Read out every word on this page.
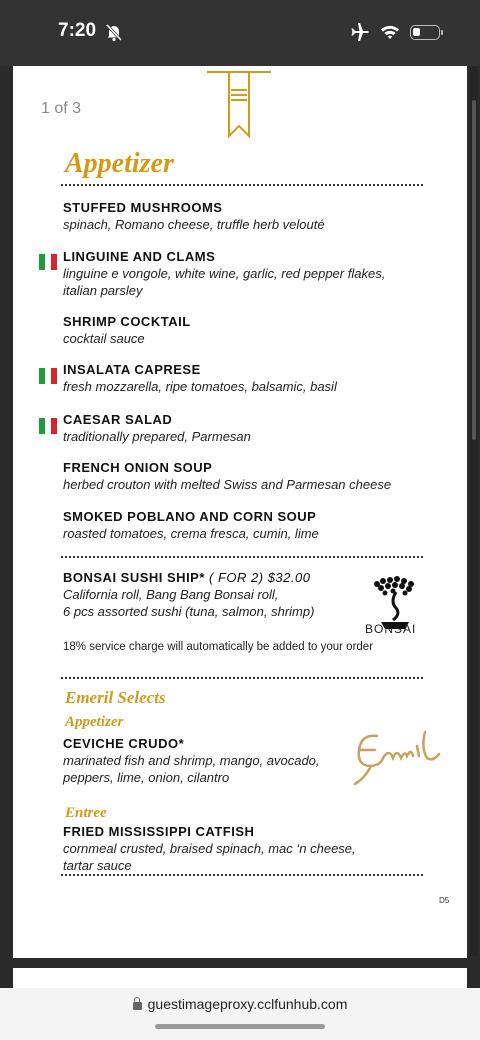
7:20
1 of 3
Appetizer
STUFFED MUSHROOMS
spinach, Romano cheese, truffle herb velouté
LINGUINE AND CLAMS
linguine e vongole, white wine, garlic, red pepper flakes,
italian parsley
SHRIMP COCKTAIL
cocktail sauce
INSALATA CAPRESE
fresh mozzarella, ripe tomatoes, balsamic, basil
CAESAR SALAD
traditionally prepared, Parmesan
FRENCH ONION SOUP
herbed crouton with melted Swiss and Parmesan cheese
SMOKED POBLANO AND CORN SOUP
roasted tomatoes, crema fresca, cumin, lime
BONSAI SUSHI SHIP* ( FOR 2) $32.00
California roll, Bang Bang Bonsai roll,
6 pcs assorted sushi (tuna, salmon, shrimp)
BONSAI
18% service charge will automatically be added to your order
Emeril Selects
Appetizer
CEVICHE CRUDO*
marinated fish and shrimp, mango, avocado,
peppers, lime, onion, cilantro
Entree
FRIED MISSISSIPPI CATFISH
cornmeal crusted, braised spinach, mac ‘n cheese,
tartar sauce
D5
guestimageproxy.cclfunhub.com
